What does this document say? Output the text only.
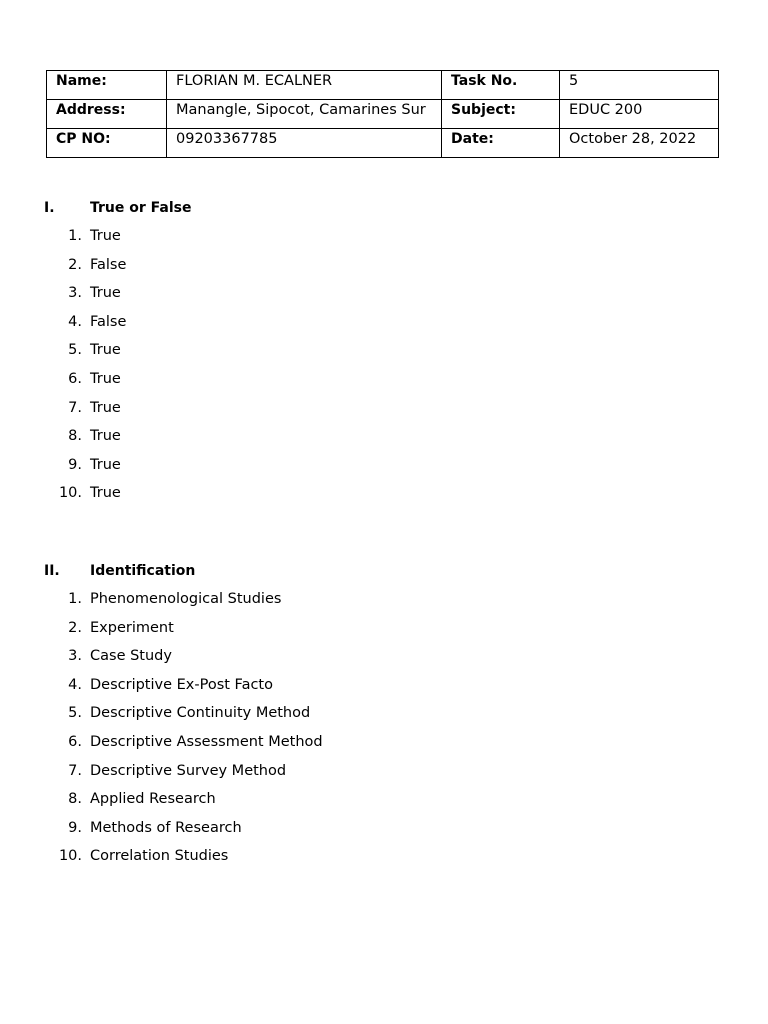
Name:	FLORIAN M. ECALNER	Task No.	5
Address:	Manangle, Sipocot, Camarines Sur	Subject:	EDUC 200
CP NO:	09203367785	Date:	October 28, 2022
I.	True or False
1. True
2. False
3. True
4. False
5. True
6. True
7. True
8. True
9. True
10. True
II. Identification
1. Phenomenological Studies
2. Experiment
3. Case Study
4. Descriptive Ex-Post Facto
5. Descriptive Continuity Method
6. Descriptive Assessment Method
7. Descriptive Survey Method
8. Applied Research
9. Methods of Research
10. Correlation Studies
